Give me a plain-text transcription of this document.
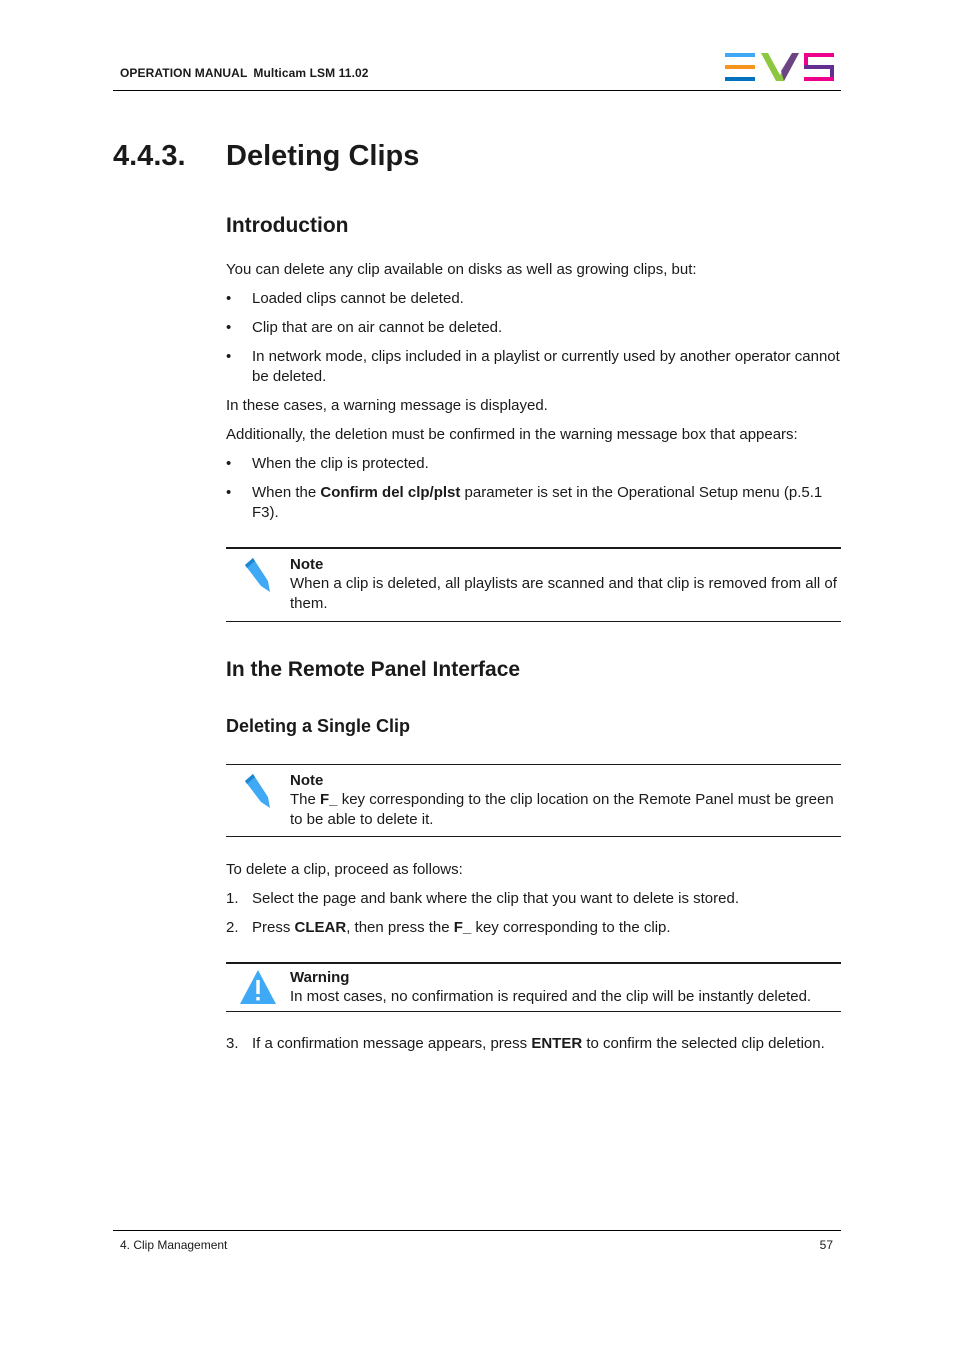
OPERATION MANUAL Multicam LSM 11.02
4.4.3. Deleting Clips
Introduction
You can delete any clip available on disks as well as growing clips, but:
• Loaded clips cannot be deleted.
• Clip that are on air cannot be deleted.
• In network mode, clips included in a playlist or currently used by another operator cannot be deleted.
In these cases, a warning message is displayed.
Additionally, the deletion must be confirmed in the warning message box that appears:
• When the clip is protected.
• When the Confirm del clp/plst parameter is set in the Operational Setup menu (p.5.1 F3).
Note
When a clip is deleted, all playlists are scanned and that clip is removed from all of them.
In the Remote Panel Interface
Deleting a Single Clip
Note
The F_ key corresponding to the clip location on the Remote Panel must be green to be able to delete it.
To delete a clip, proceed as follows:
1. Select the page and bank where the clip that you want to delete is stored.
2. Press CLEAR, then press the F_ key corresponding to the clip.
Warning
In most cases, no confirmation is required and the clip will be instantly deleted.
3. If a confirmation message appears, press ENTER to confirm the selected clip deletion.
4. Clip Management	57
